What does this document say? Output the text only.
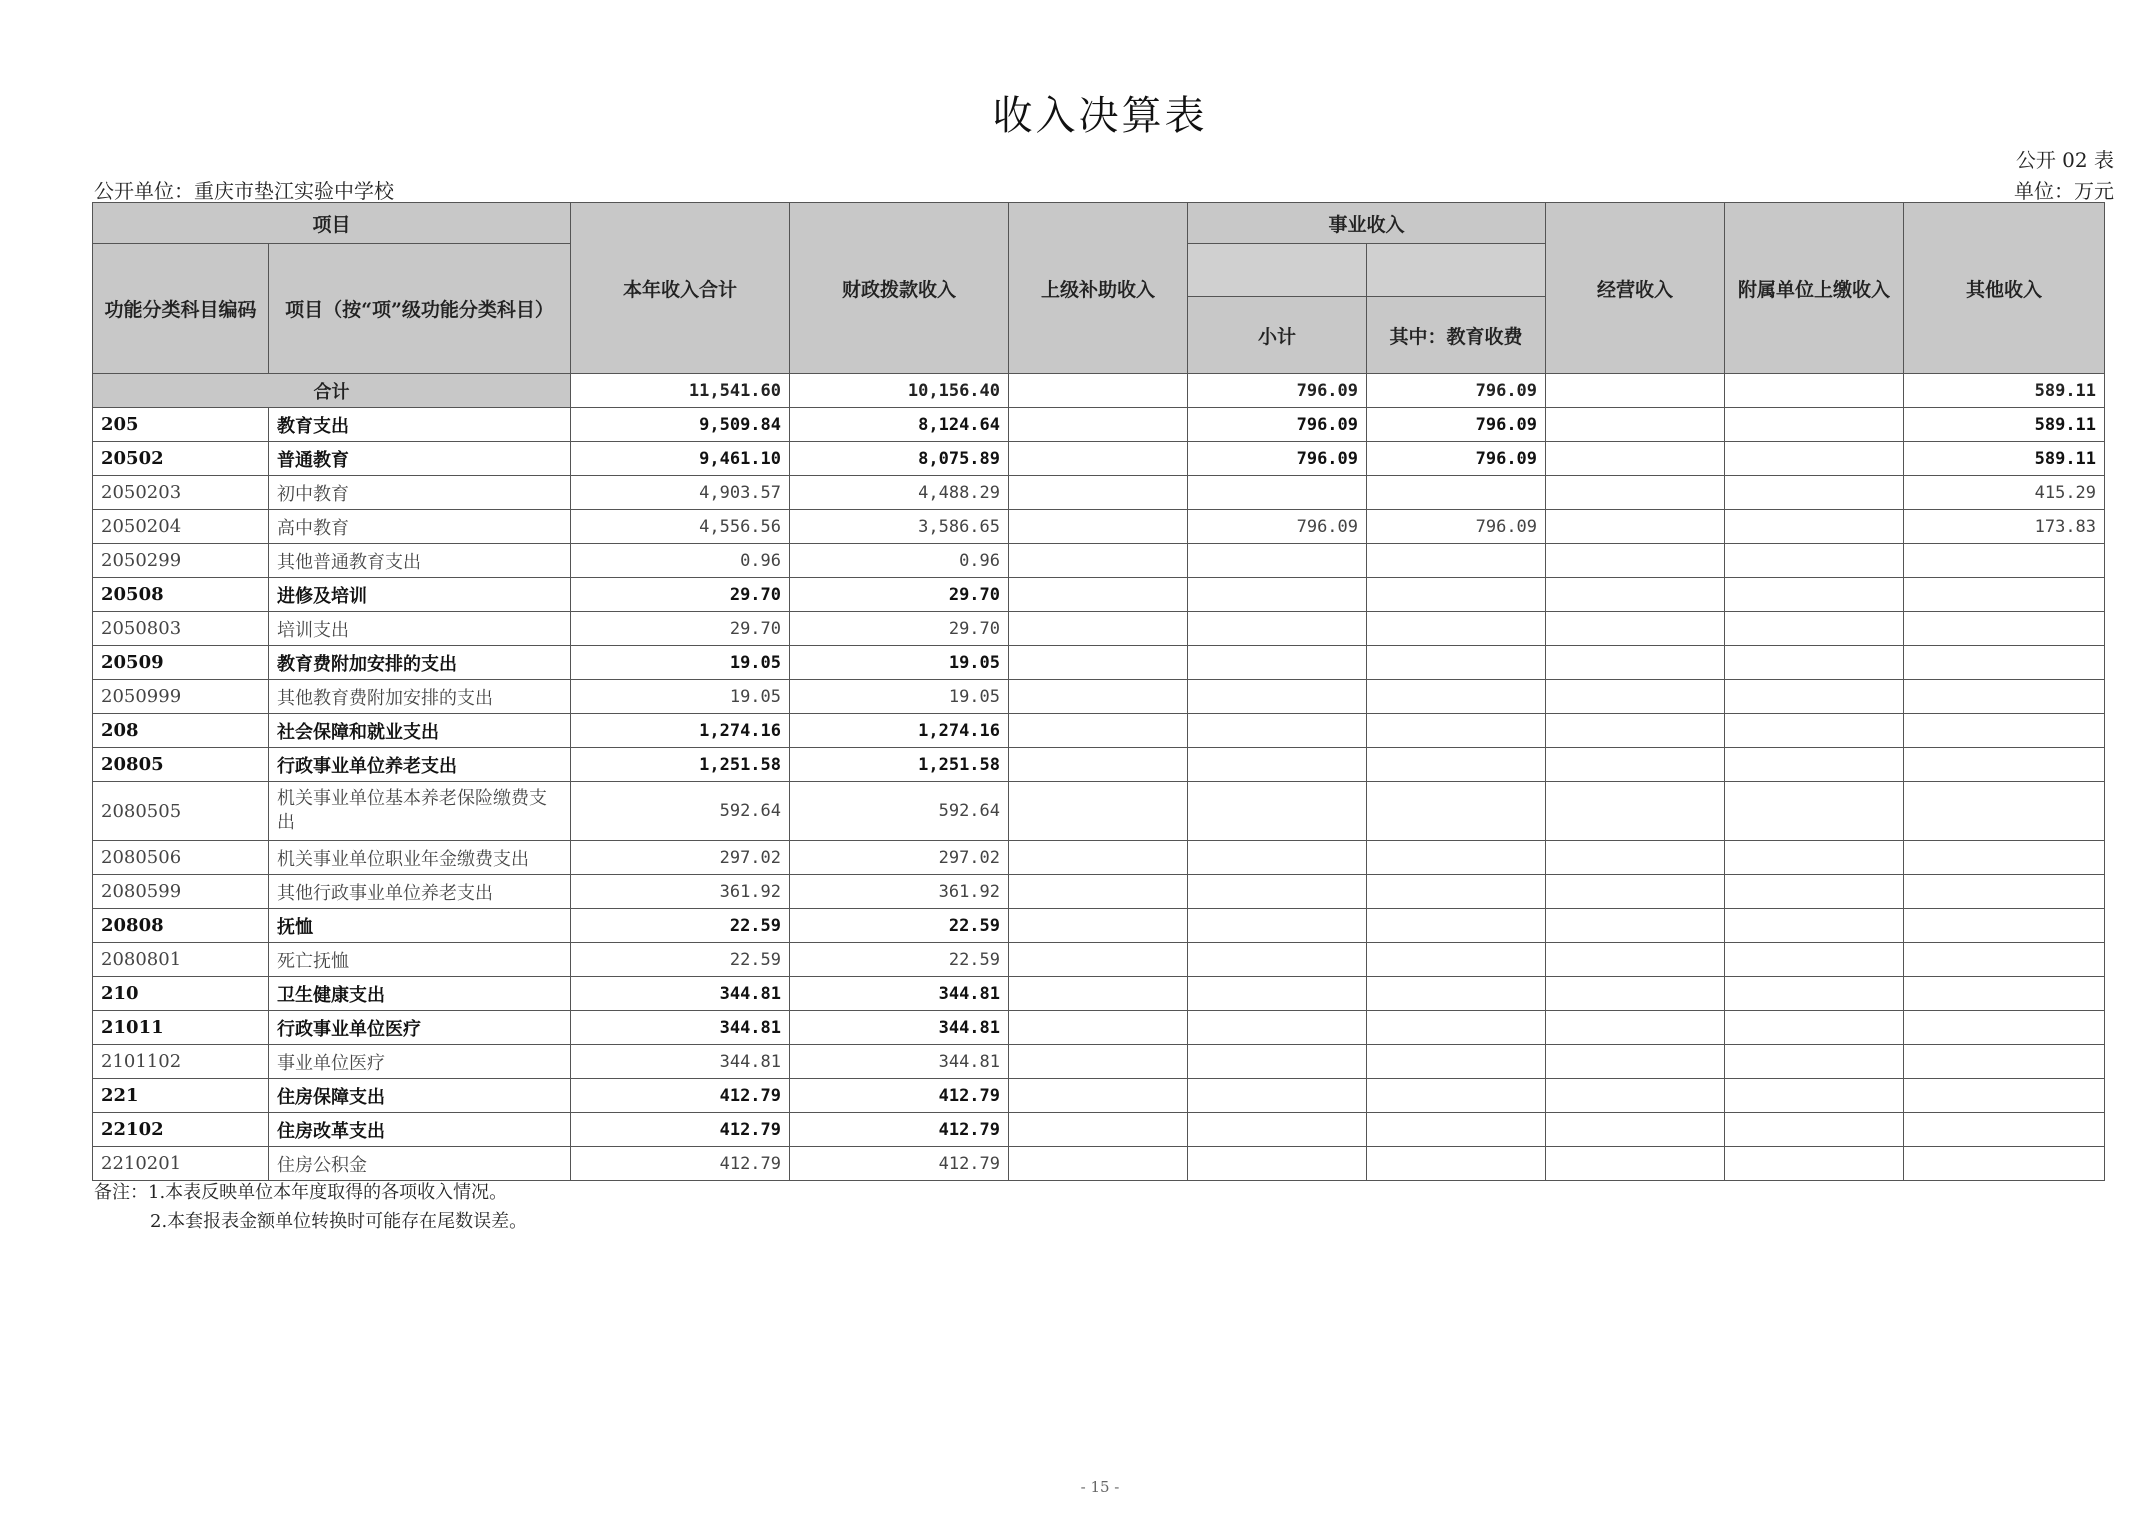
收入决算表
公开 02 表
公开单位：重庆市垫江实验中学校	单位：万元
项目		本年收入合计	财政拨款收入	上级补助收入	事业收入		经营收入	附属单位上缴收入	其他收入
功能分类科目编码	项目（按“项”级功能分类科目）								
					小计	其中：教育收费			
合计		11,541.60	10,156.40		796.09	796.09			589.11
205	教育支出	9,509.84	8,124.64		796.09	796.09			589.11
20502	普通教育	9,461.10	8,075.89		796.09	796.09			589.11
2050203	初中教育	4,903.57	4,488.29						415.29
2050204	高中教育	4,556.56	3,586.65		796.09	796.09			173.83
2050299	其他普通教育支出	0.96	0.96						
20508	进修及培训	29.70	29.70						
2050803	培训支出	29.70	29.70						
20509	教育费附加安排的支出	19.05	19.05						
2050999	其他教育费附加安排的支出	19.05	19.05						
208	社会保障和就业支出	1,274.16	1,274.16						
20805	行政事业单位养老支出	1,251.58	1,251.58						
2080505	机关事业单位基本养老保险缴费支出	592.64	592.64						
2080506	机关事业单位职业年金缴费支出	297.02	297.02						
2080599	其他行政事业单位养老支出	361.92	361.92						
20808	抚恤	22.59	22.59						
2080801	死亡抚恤	22.59	22.59						
210	卫生健康支出	344.81	344.81						
21011	行政事业单位医疗	344.81	344.81						
2101102	事业单位医疗	344.81	344.81						
221	住房保障支出	412.79	412.79						
22102	住房改革支出	412.79	412.79						
2210201	住房公积金	412.79	412.79						
备注：1.本表反映单位本年度取得的各项收入情况。
2.本套报表金额单位转换时可能存在尾数误差。
- 15 -
